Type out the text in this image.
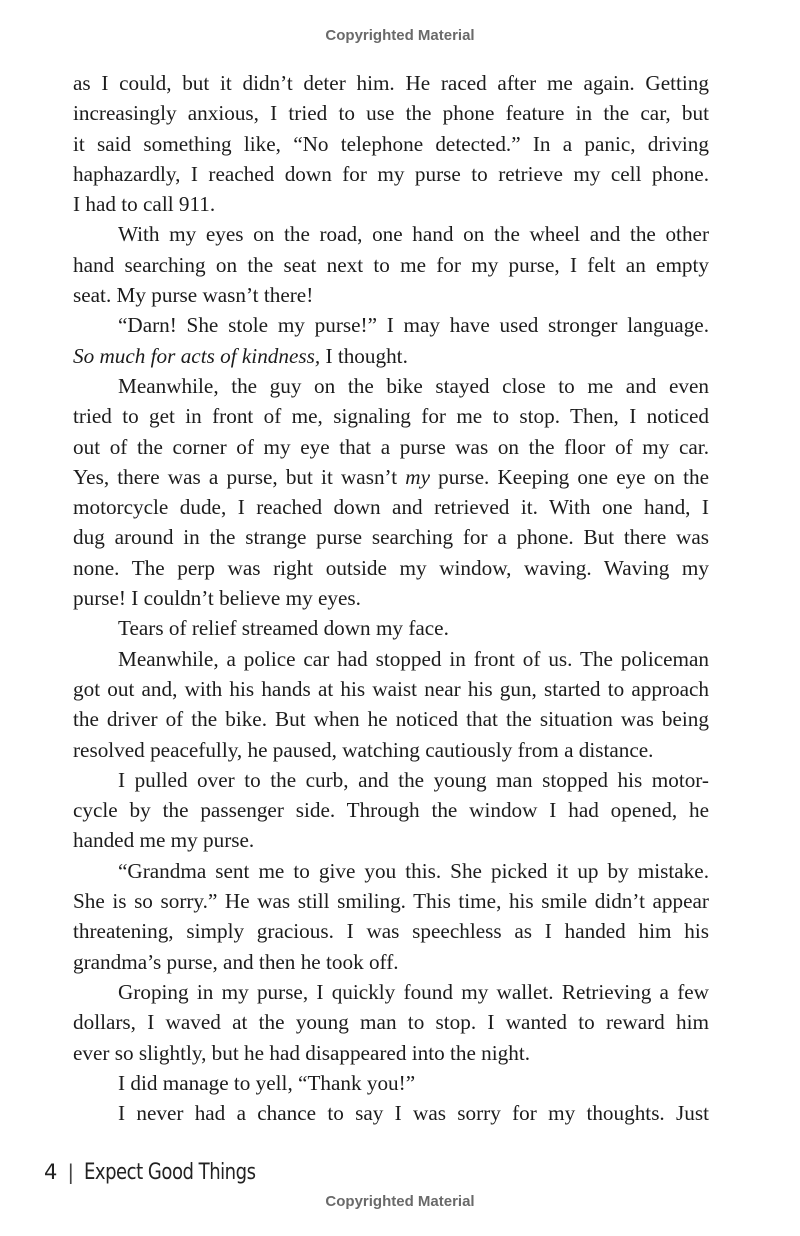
Copyrighted Material
as I could, but it didn’t deter him. He raced after me again. Getting
increasingly anxious, I tried to use the phone feature in the car, but
it said something like, “No telephone detected.” In a panic, driving
haphazardly, I reached down for my purse to retrieve my cell phone.
I had to call 911.
With my eyes on the road, one hand on the wheel and the other
hand searching on the seat next to me for my purse, I felt an empty
seat. My purse wasn’t there!
“Darn! She stole my purse!” I may have used stronger language.
So much for acts of kindness, I thought.
Meanwhile, the guy on the bike stayed close to me and even
tried to get in front of me, signaling for me to stop. Then, I noticed
out of the corner of my eye that a purse was on the floor of my car.
Yes, there was a purse, but it wasn’t my purse. Keeping one eye on the
motorcycle dude, I reached down and retrieved it. With one hand, I
dug around in the strange purse searching for a phone. But there was
none. The perp was right outside my window, waving. Waving my
purse! I couldn’t believe my eyes.
Tears of relief streamed down my face.
Meanwhile, a police car had stopped in front of us. The policeman
got out and, with his hands at his waist near his gun, started to approach
the driver of the bike. But when he noticed that the situation was being
resolved peacefully, he paused, watching cautiously from a distance.
I pulled over to the curb, and the young man stopped his motor-
cycle by the passenger side. Through the window I had opened, he
handed me my purse.
“Grandma sent me to give you this. She picked it up by mistake.
She is so sorry.” He was still smiling. This time, his smile didn’t appear
threatening, simply gracious. I was speechless as I handed him his
grandma’s purse, and then he took off.
Groping in my purse, I quickly found my wallet. Retrieving a few
dollars, I waved at the young man to stop. I wanted to reward him
ever so slightly, but he had disappeared into the night.
I did manage to yell, “Thank you!”
I never had a chance to say I was sorry for my thoughts. Just
4 | Expect Good Things
Copyrighted Material
